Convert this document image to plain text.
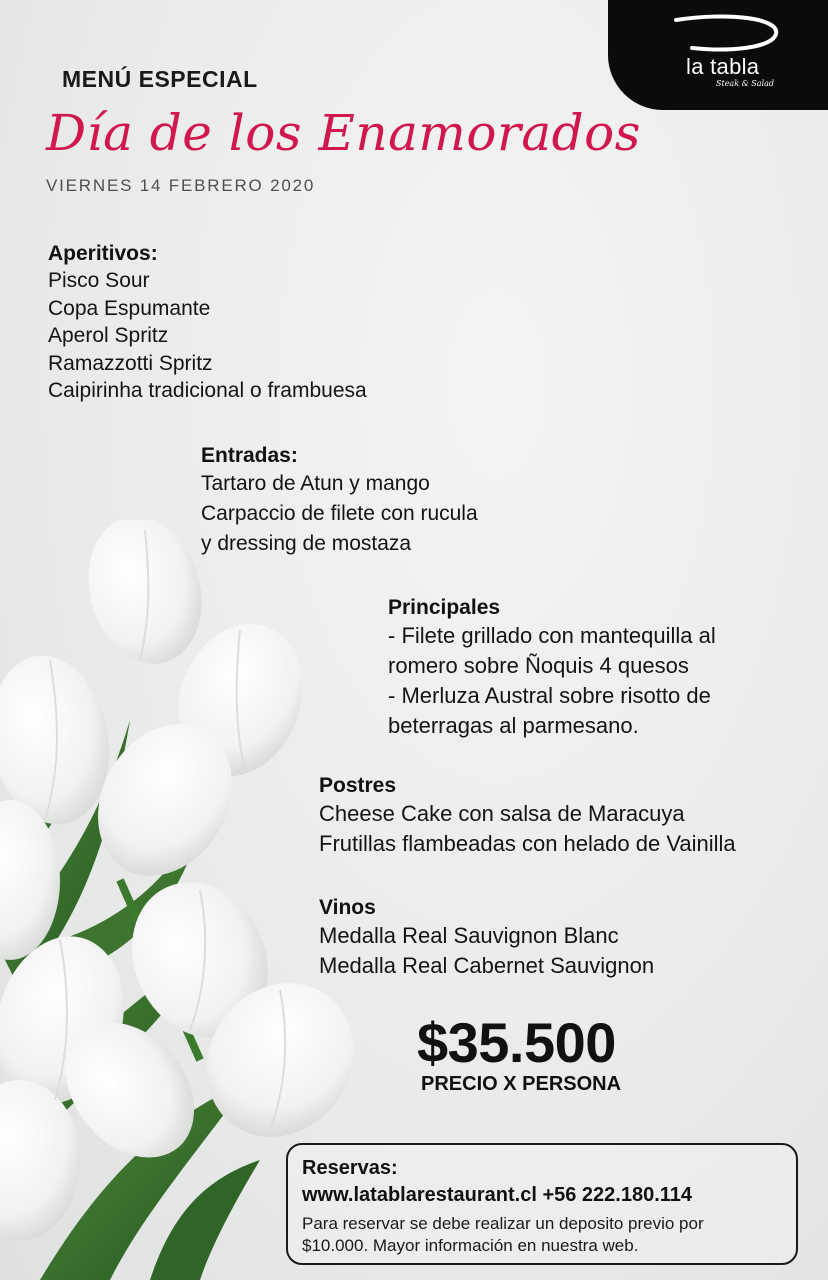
la tabla
Steak & Salad
MENÚ ESPECIAL
Día de los Enamorados
VIERNES 14 FEBRERO 2020
Aperitivos:
Pisco Sour
Copa Espumante
Aperol Spritz
Ramazzotti Spritz
Caipirinha tradicional o frambuesa
Entradas:
Tartaro de Atun y mango
Carpaccio de filete con rucula
y dressing de mostaza
Principales
- Filete grillado con mantequilla al
romero sobre Ñoquis 4 quesos
- Merluza Austral sobre risotto de
beterragas al parmesano.
Postres
Cheese Cake con salsa de Maracuya
Frutillas flambeadas con helado de Vainilla
Vinos
Medalla Real Sauvignon Blanc
Medalla Real Cabernet Sauvignon
$35.500
PRECIO X PERSONA
Reservas:
www.latablarestaurant.cl +56 222.180.114
Para reservar se debe realizar un deposito previo por
$10.000. Mayor información en nuestra web.
